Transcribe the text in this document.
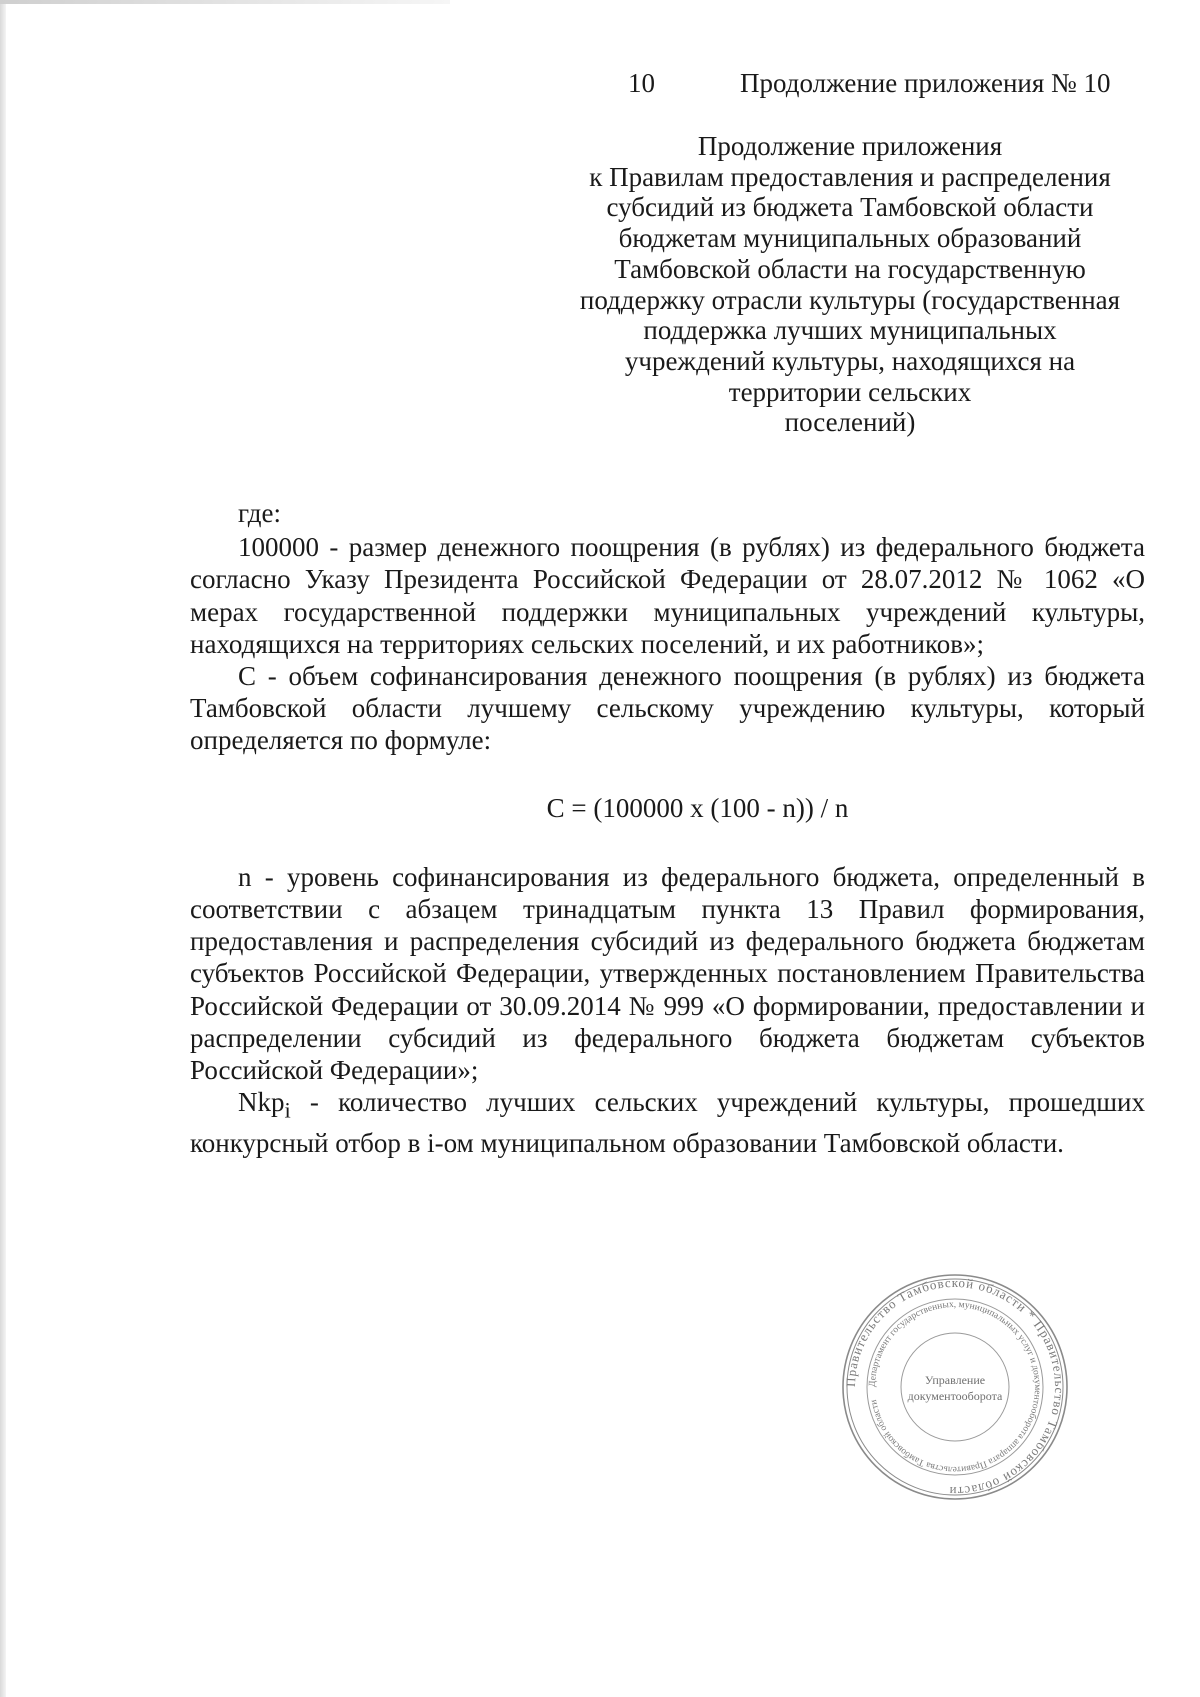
10	Продолжение приложения № 10
Продолжение приложения
к Правилам предоставления и распределения
субсидий из бюджета Тамбовской области
бюджетам муниципальных образований
Тамбовской области на государственную
поддержку отрасли культуры (государственная
поддержка лучших муниципальных
учреждений культуры, находящихся на
территории сельских
поселений)

где:

100000 - размер денежного поощрения (в рублях) из федерального бюджета согласно Указу Президента Российской Федерации от 28.07.2012 № 1062 «О мерах государственной поддержки муниципальных учреждений культуры, находящихся на территориях сельских поселений, и их работников»;

С - объем софинансирования денежного поощрения (в рублях) из бюджета Тамбовской области лучшему сельскому учреждению культуры, который определяется по формуле:

С = (100000 х (100 - n)) / n

n - уровень софинансирования из федерального бюджета, определенный в соответствии с абзацем тринадцатым пункта 13 Правил формирования, предоставления и распределения субсидий из федерального бюджета бюджетам субъектов Российской Федерации, утвержденных постановлением Правительства Российской Федерации от 30.09.2014 № 999 «О формировании, предоставлении и распределении субсидий из федерального бюджета бюджетам субъектов Российской Федерации»;

Nkp$_i$ - количество лучших сельских учреждений культуры, прошедших конкурсный отбор в i-ом муниципальном образовании Тамбовской области.

Правительство Тамбовской области * Правительство Тамбовской области
Департамент государственных, муниципальных услуг и документооборота аппарата Правительства Тамбовской области
Управление
документооборота
